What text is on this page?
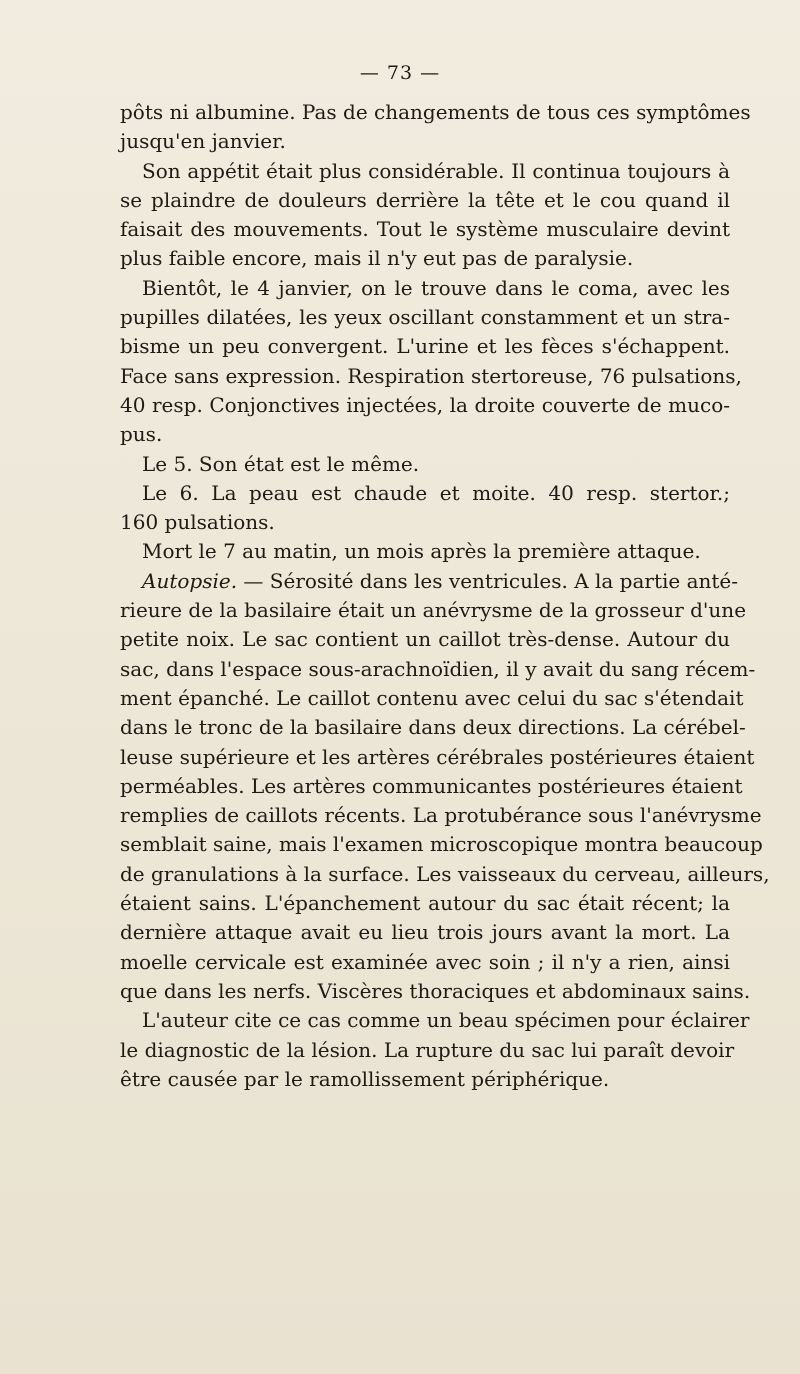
— 73 —
pôts ni albumine. Pas de changements de tous ces symptômes
jusqu'en janvier.
Son appétit était plus considérable. Il continua toujours à
se plaindre de douleurs derrière la tête et le cou quand il
faisait des mouvements. Tout le système musculaire devint
plus faible encore, mais il n'y eut pas de paralysie.
Bientôt, le 4 janvier, on le trouve dans le coma, avec les
pupilles dilatées, les yeux oscillant constamment et un stra-
bisme un peu convergent. L'urine et les fèces s'échappent.
Face sans expression. Respiration stertoreuse, 76 pulsations,
40 resp. Conjonctives injectées, la droite couverte de muco-
pus.
Le 5. Son état est le même.
Le 6. La peau est chaude et moite. 40 resp. stertor.;
160 pulsations.
Mort le 7 au matin, un mois après la première attaque.
Autopsie. — Sérosité dans les ventricules. A la partie anté-
rieure de la basilaire était un anévrysme de la grosseur d'une
petite noix. Le sac contient un caillot très-dense. Autour du
sac, dans l'espace sous-arachnoïdien, il y avait du sang récem-
ment épanché. Le caillot contenu avec celui du sac s'étendait
dans le tronc de la basilaire dans deux directions. La cérébel-
leuse supérieure et les artères cérébrales postérieures étaient
perméables. Les artères communicantes postérieures étaient
remplies de caillots récents. La protubérance sous l'anévrysme
semblait saine, mais l'examen microscopique montra beaucoup
de granulations à la surface. Les vaisseaux du cerveau, ailleurs,
étaient sains. L'épanchement autour du sac était récent; la
dernière attaque avait eu lieu trois jours avant la mort. La
moelle cervicale est examinée avec soin ; il n'y a rien, ainsi
que dans les nerfs. Viscères thoraciques et abdominaux sains.
L'auteur cite ce cas comme un beau spécimen pour éclairer
le diagnostic de la lésion. La rupture du sac lui paraît devoir
être causée par le ramollissement périphérique.
